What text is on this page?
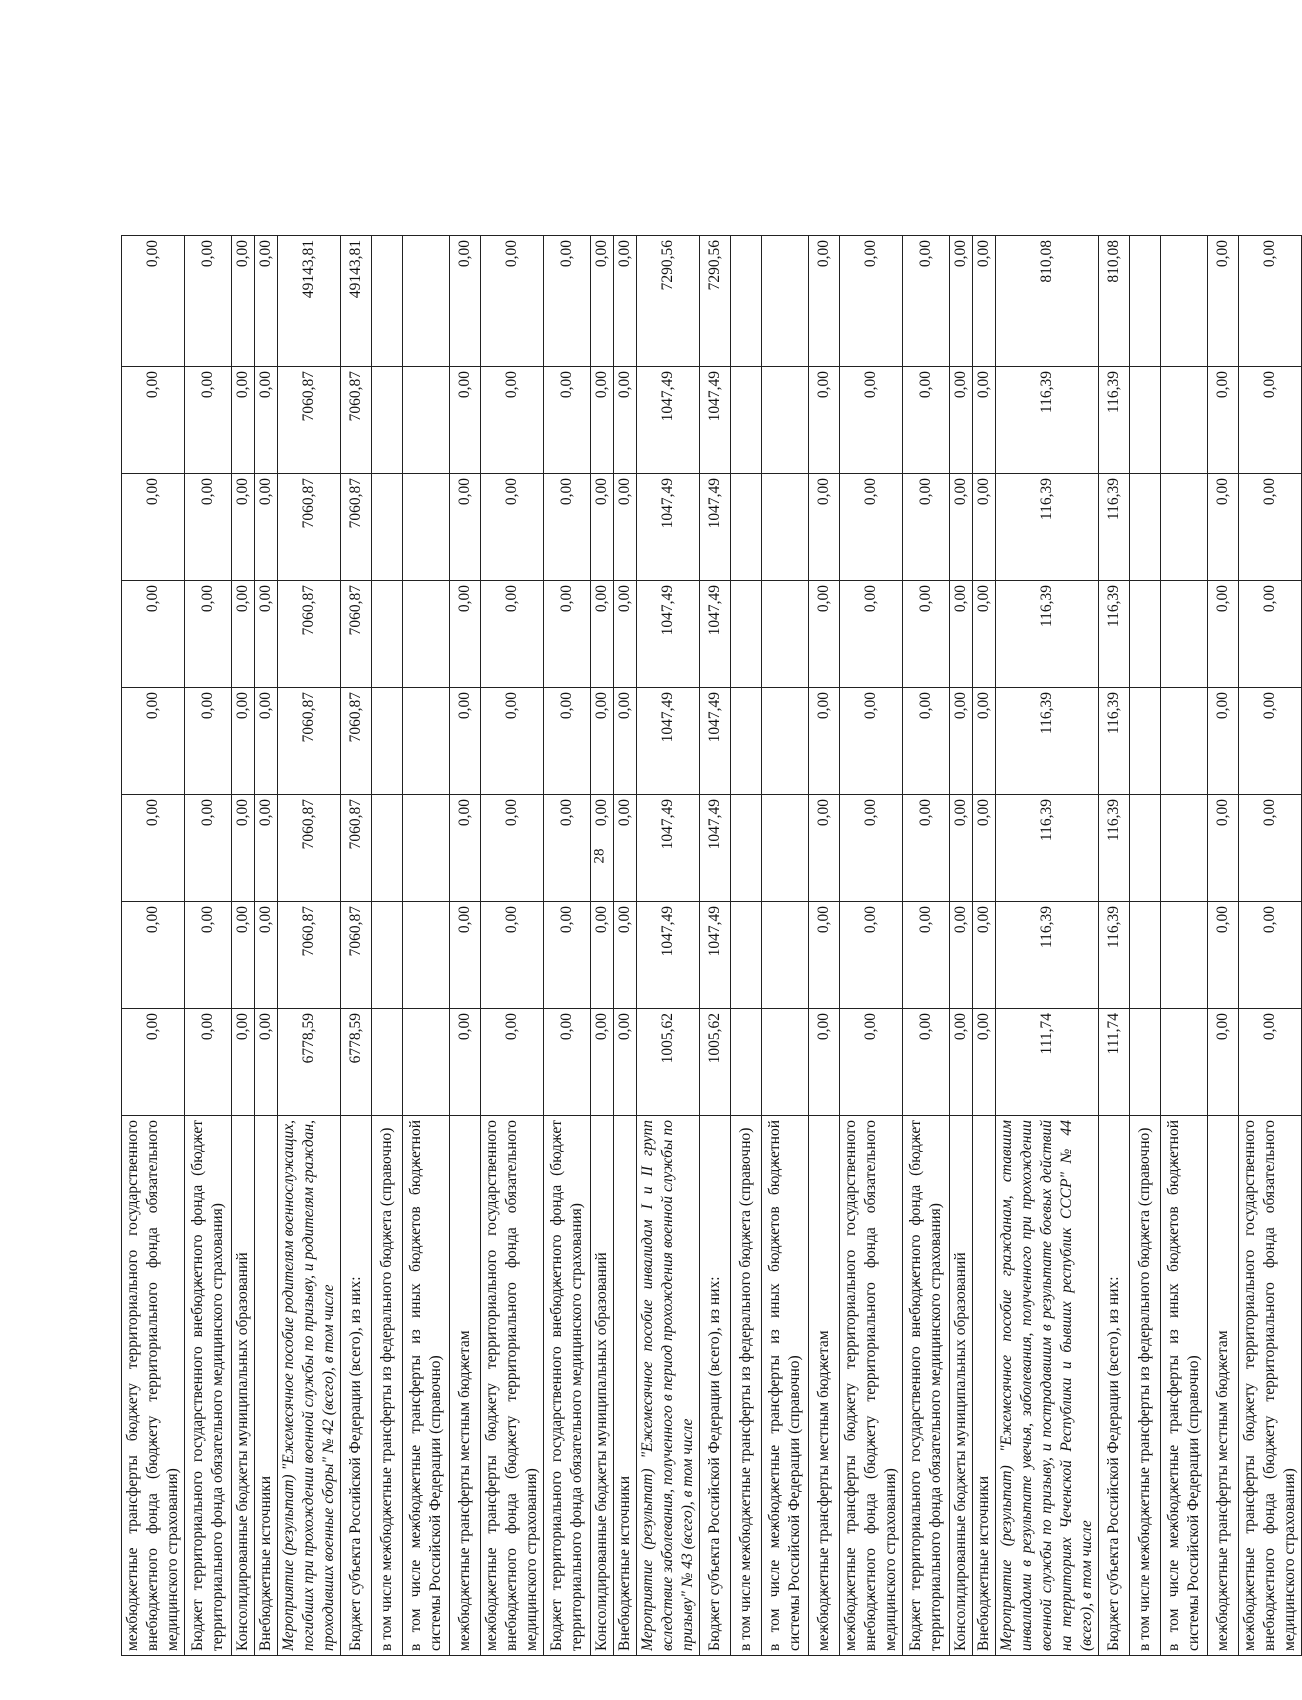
28
межбюджетные трансферты бюджету территориального государственного внебюджетного фонда (бюджету территориального фонда обязательного медицинского страхования)	0,00	0,00	0,00	0,00	0,00	0,00	0,00	0,00
Бюджет территориального государственного внебюджетного фонда (бюджет территориального фонда обязательного медицинского страхования)	0,00	0,00	0,00	0,00	0,00	0,00	0,00	0,00
Консолидированные бюджеты муниципальных образований	0,00	0,00	0,00	0,00	0,00	0,00	0,00	0,00
Внебюджетные источники	0,00	0,00	0,00	0,00	0,00	0,00	0,00	0,00
Мероприятие (результат) "Ежемесячное пособие родителям военнослужащих, погибших при прохождении военной службы по призыву, и родителям граждан, проходивших военные сборы" № 42 (всего), в том числе	6778,59	7060,87	7060,87	7060,87	7060,87	7060,87	7060,87	49143,81
Бюджет субъекта Российской Федерации (всего), из них:	6778,59	7060,87	7060,87	7060,87	7060,87	7060,87	7060,87	49143,81
в том числе межбюджетные трансферты из федерального бюджета (справочно)								
в том числе межбюджетные трансферты из иных бюджетов бюджетной системы Российской Федерации (справочно)								
межбюджетные трансферты местным бюджетам	0,00	0,00	0,00	0,00	0,00	0,00	0,00	0,00
межбюджетные трансферты бюджету территориального государственного внебюджетного фонда (бюджету территориального фонда обязательного медицинского страхования)	0,00	0,00	0,00	0,00	0,00	0,00	0,00	0,00
Бюджет территориального государственного внебюджетного фонда (бюджет территориального фонда обязательного медицинского страхования)	0,00	0,00	0,00	0,00	0,00	0,00	0,00	0,00
Консолидированные бюджеты муниципальных образований	0,00	0,00	0,00	0,00	0,00	0,00	0,00	0,00
Внебюджетные источники	0,00	0,00	0,00	0,00	0,00	0,00	0,00	0,00
Мероприятие (результат) "Ежемесячное пособие инвалидам I и II групп вследствие заболевания, полученного в период прохождения военной службы по призыву" № 43 (всего), в том числе	1005,62	1047,49	1047,49	1047,49	1047,49	1047,49	1047,49	7290,56
Бюджет субъекта Российской Федерации (всего), из них:	1005,62	1047,49	1047,49	1047,49	1047,49	1047,49	1047,49	7290,56
в том числе межбюджетные трансферты из федерального бюджета (справочно)								
в том числе межбюджетные трансферты из иных бюджетов бюджетной системы Российской Федерации (справочно)								
межбюджетные трансферты местным бюджетам	0,00	0,00	0,00	0,00	0,00	0,00	0,00	0,00
межбюджетные трансферты бюджету территориального государственного внебюджетного фонда (бюджету территориального фонда обязательного медицинского страхования)	0,00	0,00	0,00	0,00	0,00	0,00	0,00	0,00
Бюджет территориального государственного внебюджетного фонда (бюджет территориального фонда обязательного медицинского страхования)	0,00	0,00	0,00	0,00	0,00	0,00	0,00	0,00
Консолидированные бюджеты муниципальных образований	0,00	0,00	0,00	0,00	0,00	0,00	0,00	0,00
Внебюджетные источники	0,00	0,00	0,00	0,00	0,00	0,00	0,00	0,00
Мероприятие (результат) "Ежемесячное пособие гражданам, ставшим инвалидами в результате увечья, заболевания, полученного при прохождении военной службы по призыву, и пострадавшим в результате боевых действий на территориях Чеченской Республики и бывших республик СССР" № 44 (всего), в том числе	111,74	116,39	116,39	116,39	116,39	116,39	116,39	810,08
Бюджет субъекта Российской Федерации (всего), из них:	111,74	116,39	116,39	116,39	116,39	116,39	116,39	810,08
в том числе межбюджетные трансферты из федерального бюджета (справочно)								
в том числе межбюджетные трансферты из иных бюджетов бюджетной системы Российской Федерации (справочно)								
межбюджетные трансферты местным бюджетам	0,00	0,00	0,00	0,00	0,00	0,00	0,00	0,00
межбюджетные трансферты бюджету территориального государственного внебюджетного фонда (бюджету территориального фонда обязательного медицинского страхования)	0,00	0,00	0,00	0,00	0,00	0,00	0,00	0,00
